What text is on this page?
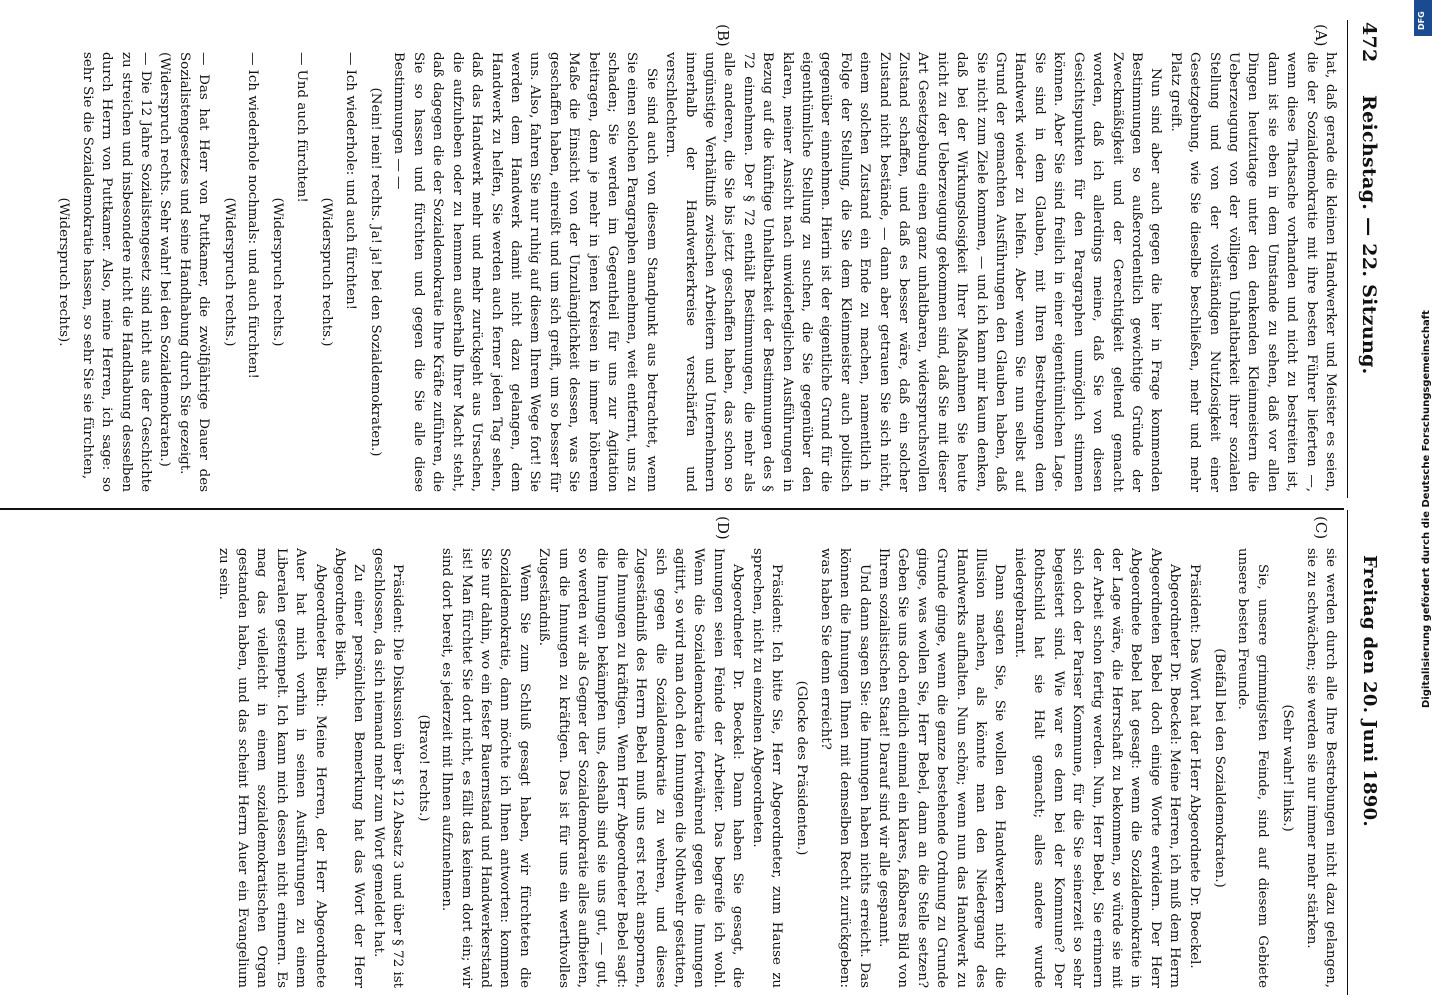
472
Reichstag. — 22. Sitzung.
Freitag den 20. Juni 1890.
(A)
(B)
(C)
(D)

hat, daß gerade die kleinen Handwerker und Meister es seien, die der Sozialdemokratie mit ihre besten Führer lieferten —, wenn diese Thatsache vorhanden und nicht zu bestreiten ist, dann ist sie eben in dem Umstande zu sehen, daß vor allen Dingen heutzutage unter den denkenden Kleinmeistern die Ueberzeugung von der völligen Unhaltbarkeit ihrer sozialen Stellung und von der vollständigen Nutzlosigkeit einer Gesetzgebung, wie Sie dieselbe beschließen, mehr und mehr Platz greift.

Nun sind aber auch gegen die hier in Frage kommenden Bestimmungen so außerordentlich gewichtige Gründe der Zweckmäßigkeit und der Gerechtigkeit geltend gemacht worden, daß ich allerdings meine, daß Sie von diesen Gesichtspunkten für den Paragraphen unmöglich stimmen können. Aber Sie sind freilich in einer eigenthümlichen Lage. Sie sind in dem Glauben, mit Ihren Bestrebungen dem Handwerk wieder zu helfen. Aber wenn Sie nun selbst auf Grund der gemachten Ausführungen den Glauben haben, daß Sie nicht zum Ziele kommen, — und ich kann mir kaum denken, daß bei der Wirkungslosigkeit Ihrer Maßnahmen Sie heute nicht zu der Ueberzeugung gekommen sind, daß Sie mit dieser Art Gesetzgebung einen ganz unhaltbaren, widerspruchsvollen Zustand schaffen, und daß es besser wäre, daß ein solcher Zustand nicht bestände, — dann aber getrauen Sie sich nicht, einem solchen Zustand ein Ende zu machen, namentlich in Folge der Stellung, die Sie dem Kleinmeister auch politisch gegenüber einnehmen. Hierin ist der eigentliche Grund für die eigenthümliche Stellung zu suchen, die Sie gegenüber den klaren, meiner Ansicht nach unwiderleglichen Ausführungen in Bezug auf die künftige Unhaltbarkeit der Bestimmungen des § 72 einnehmen. Der § 72 enthält Bestimmungen, die mehr als alle anderen, die Sie bis jetzt geschaffen haben, das schon so ungünstige Verhältniß zwischen Arbeitern und Unternehmern innerhalb der Handwerkerkreise verschärfen und verschlechtern.

Sie sind auch von diesem Standpunkt aus betrachtet, wenn Sie einen solchen Paragraphen annehmen, weit entfernt, uns zu schaden; Sie werden im Gegentheil für uns zur Agitation beitragen, denn je mehr in jenen Kreisen in immer höherem Maße die Einsicht von der Unzulänglichkeit dessen, was Sie geschaffen haben, einreißt und um sich greift, um so besser für uns. Also, fahren Sie nur ruhig auf diesem Ihrem Wege fort! Sie werden dem Handwerk damit nicht dazu gelangen, dem Handwerk zu helfen, Sie werden auch ferner jeden Tag sehen, daß das Handwerk mehr und mehr zurückgeht aus Ursachen, die aufzuheben oder zu hemmen außerhalb Ihrer Macht steht, daß dagegen die der Sozialdemokratie Ihre Kräfte zuführen, die Sie so hassen und fürchten und gegen die Sie alle diese Bestimmungen — —

(Nein! nein! rechts. Ja! ja! bei den Sozialdemokraten.)

— Ich wiederhole: und auch fürchten!

(Widerspruch rechts.)

— Und auch fürchten!

(Widerspruch rechts.)

— Ich wiederhole nochmals: und auch fürchten!

(Widerspruch rechts.)

— Das hat Herr von Puttkamer, die zwölfjährige Dauer des Sozialistengesetzes und seine Handhabung durch Sie gezeigt.

(Widerspruch rechts. Sehr wahr! bei den Sozialdemokraten.)

— Die 12 Jahre Sozialistengesetz sind nicht aus der Geschichte zu streichen und insbesondere nicht die Handhabung desselben durch Herrn von Puttkamer. Also, meine Herren, ich sage: so sehr Sie die Sozialdemokratie hassen, so sehr Sie sie fürchten,

(Widerspruch rechts).

sie werden durch alle Ihre Bestrebungen nicht dazu gelangen, sie zu schwächen; sie werden sie nur immer mehr stärken.

(Sehr wahr! links.)

Sie, unsere grimmigsten Feinde, sind auf diesem Gebiete unsere besten Freunde.

(Beifall bei den Sozialdemokraten.)

Präsident: Das Wort hat der Herr Abgeordnete Dr. Boeckel.

Abgeordneter Dr. Boeckel: Meine Herren, ich muß dem Herrn Abgeordneten Bebel doch einige Worte erwidern. Der Herr Abgeordnete Bebel hat gesagt: wenn die Sozialdemokratie in der Lage wäre, die Herrschaft zu bekommen, so würde sie mit der Arbeit schon fertig werden. Nun, Herr Bebel, Sie erinnern sich doch der Pariser Kommune, für die Sie seinerzeit so sehr begeistert sind. Wie war es denn bei der Kommune? Der Rothschild hat sie Halt gemacht; alles andere wurde niedergebrannt.

Dann sagten Sie, Sie wollen den Handwerkern nicht die Illusion machen, als könnte man den Niedergang des Handwerks aufhalten. Nun schön; wenn nun das Handwerk zu Grunde ginge, wenn die ganze bestehende Ordnung zu Grunde ginge, was wollen Sie, Herr Bebel, dann an die Stelle setzen? Geben Sie uns doch endlich einmal ein klares, faßbares Bild von Ihrem sozialistischen Staat! Darauf sind wir alle gespannt.

Und dann sagen Sie: die Innungen haben nichts erreicht. Das können die Innungen Ihnen mit demselben Recht zurückgeben: was haben Sie denn erreicht?

(Glocke des Präsidenten.)

Präsident: Ich bitte Sie, Herr Abgeordneter, zum Hause zu sprechen, nicht zu einzelnen Abgeordneten.

Abgeordneter Dr. Boeckel: Dann haben Sie gesagt, die Innungen seien Feinde der Arbeiter. Das begreife ich wohl. Wenn die Sozialdemokratie fortwährend gegen die Innungen agitirt, so wird man doch den Innungen die Nothwehr gestatten, sich gegen die Sozialdemokratie zu wehren, und dieses Zugeständniß des Herrn Bebel muß uns erst recht anspornen, die Innungen zu kräftigen. Wenn Herr Abgeordneter Bebel sagt: die Innungen bekämpfen uns, deshalb sind sie uns gut, — gut, so werden wir als Gegner der Sozialdemokratie alles aufbieten, um die Innungen zu kräftigen. Das ist für uns ein werthvolles Zugeständniß.

Wenn Sie zum Schluß gesagt haben, wir fürchteten die Sozialdemokratie, dann möchte ich Ihnen antworten: kommen Sie nur dahin, wo ein fester Bauernstand und Handwerkerstand ist! Man fürchtet Sie dort nicht, es fällt das keinem dort ein; wir sind dort bereit, es jederzeit mit Ihnen aufzunehmen.

(Bravo! rechts.)

Präsident: Die Diskussion über § 12 Absatz 3 und über § 72 ist geschlossen, da sich niemand mehr zum Wort gemeldet hat.

Zu einer persönlichen Bemerkung hat das Wort der Herr Abgeordnete Bieth.

Abgeordneter Bieth: Meine Herren, der Herr Abgeordnete Auer hat mich vorhin in seinen Ausführungen zu einem Liberalen gestempelt. Ich kann mich dessen nicht erinnern. Es mag das vielleicht in einem sozialdemokratischen Organ gestanden haben, und das scheint Herrn Auer ein Evangelium zu sein.	Digitalisierung gefördert durch die Deutsche Forschungsgemeinschaft
DFG
